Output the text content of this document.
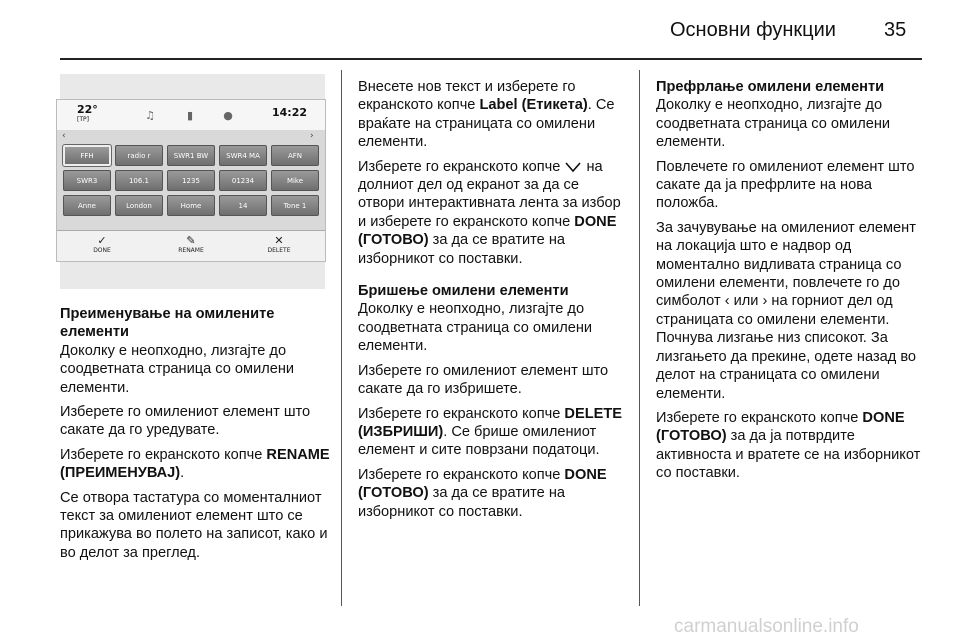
Основни функции 35
22°
[TP]	♫	▮	●	14:22
‹	›
FFH	radio r	SWR1 BW	SWR4 MA	AFN
SWR3	106.1	1235	01234	Mike
Anne	London	Home	14	Tone 1
✓
DONE
✎
RENAME
✕
DELETE
Преименување на омилените елементи

Доколку е неопходно, лизгајте до соодветната страница со омилени елементи.

Изберете го омилениот елемент што сакате да го уредувате.

Изберете го екранското копче RENAME (ПРЕИМЕНУВАЈ).

Се отвора тастатура со моменталниот текст за омилениот елемент што се прикажува во полето на записот, како и во делот за преглед.

Внесете нов текст и изберете го екранското копче Label (Етикета). Се враќате на страницата со омилени елементи.

Изберете го екранското копче  на долниот дел од екранот за да се отвори интерактивната лента за избор и изберете го екранското копче DONE (ГОТОВО) за да се вратите на изборникот со поставки.

Бришење омилени елементи

Доколку е неопходно, лизгајте до соодветната страница со омилени елементи.

Изберете го омилениот елемент што сакате да го избришете.

Изберете го екранското копче DELETE (ИЗБРИШИ). Се брише омилениот елемент и сите поврзани податоци.

Изберете го екранското копче DONE (ГОТОВО) за да се вратите на изборникот со поставки.

Префрлање омилени елементи

Доколку е неопходно, лизгајте до соодветната страница со омилени елементи.

Повлечете го омилениот елемент што сакате да ја префрлите на нова положба.

За зачувување на омилениот елемент на локација што е надвор од моментално видливата страница со омилени елементи, повлечете го до симболот ‹ или › на горниот дел од страницата со омилени елементи. Почнува лизгање низ списокот. За лизгањето да прекине, одете назад во делот на страницата со омилени елементи.

Изберете го екранското копче DONE (ГОТОВО) за да ја потврдите активноста и вратете се на изборникот со поставки.

carmanualsonline.info
